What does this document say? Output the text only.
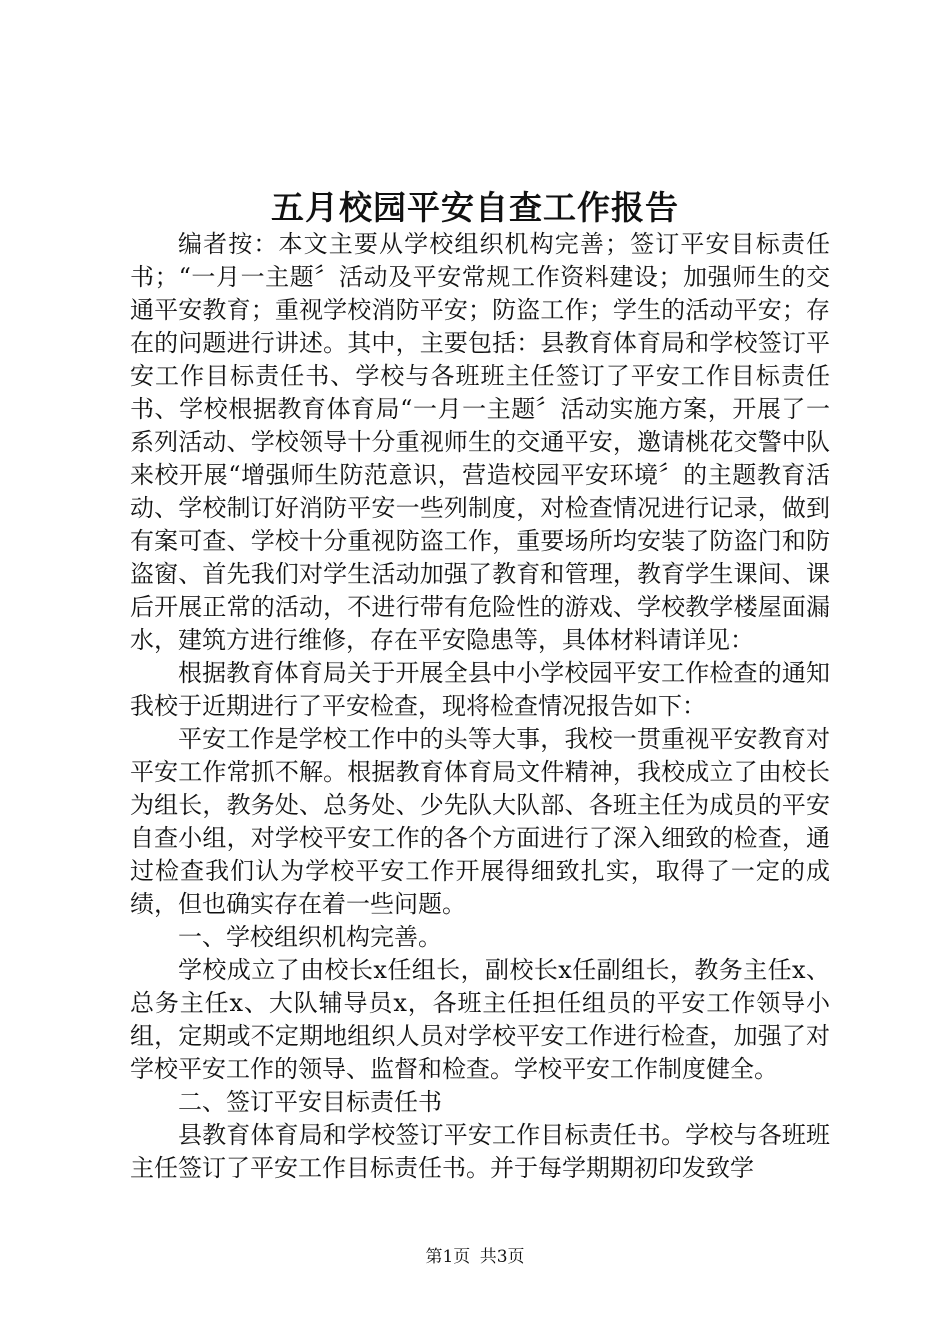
五月校园平安自查工作报告

编者按：本文主要从学校组织机构完善；签订平安目标责任书；“一月一主题〞活动及平安常规工作资料建设；加强师生的交通平安教育；重视学校消防平安；防盗工作；学生的活动平安；存在的问题进行讲述。其中，主要包括：县教育体育局和学校签订平安工作目标责任书、学校与各班班主任签订了平安工作目标责任书、学校根据教育体育局“一月一主题〞活动实施方案，开展了一系列活动、学校领导十分重视师生的交通平安，邀请桃花交警中队来校开展“增强师生防范意识，营造校园平安环境〞的主题教育活动、学校制订好消防平安一些列制度，对检查情况进行记录，做到有案可查、学校十分重视防盗工作，重要场所均安装了防盗门和防盗窗、首先我们对学生活动加强了教育和管理，教育学生课间、课后开展正常的活动，不进行带有危险性的游戏、学校教学楼屋面漏水，建筑方进行维修，存在平安隐患等，具体材料请详见：

根据教育体育局关于开展全县中小学校园平安工作检查的通知我校于近期进行了平安检查，现将检查情况报告如下：

平安工作是学校工作中的头等大事，我校一贯重视平安教育对平安工作常抓不解。根据教育体育局文件精神，我校成立了由校长为组长，教务处、总务处、少先队大队部、各班主任为成员的平安自查小组，对学校平安工作的各个方面进行了深入细致的检查，通过检查我们认为学校平安工作开展得细致扎实，取得了一定的成绩，但也确实存在着一些问题。

一、学校组织机构完善。

学校成立了由校长x任组长，副校长x任副组长，教务主任x、总务主任x、大队辅导员x，各班主任担任组员的平安工作领导小组，定期或不定期地组织人员对学校平安工作进行检查，加强了对学校平安工作的领导、监督和检查。学校平安工作制度健全。

二、签订平安目标责任书

县教育体育局和学校签订平安工作目标责任书。学校与各班班主任签订了平安工作目标责任书。并于每学期期初印发致学

第1页 共3页
